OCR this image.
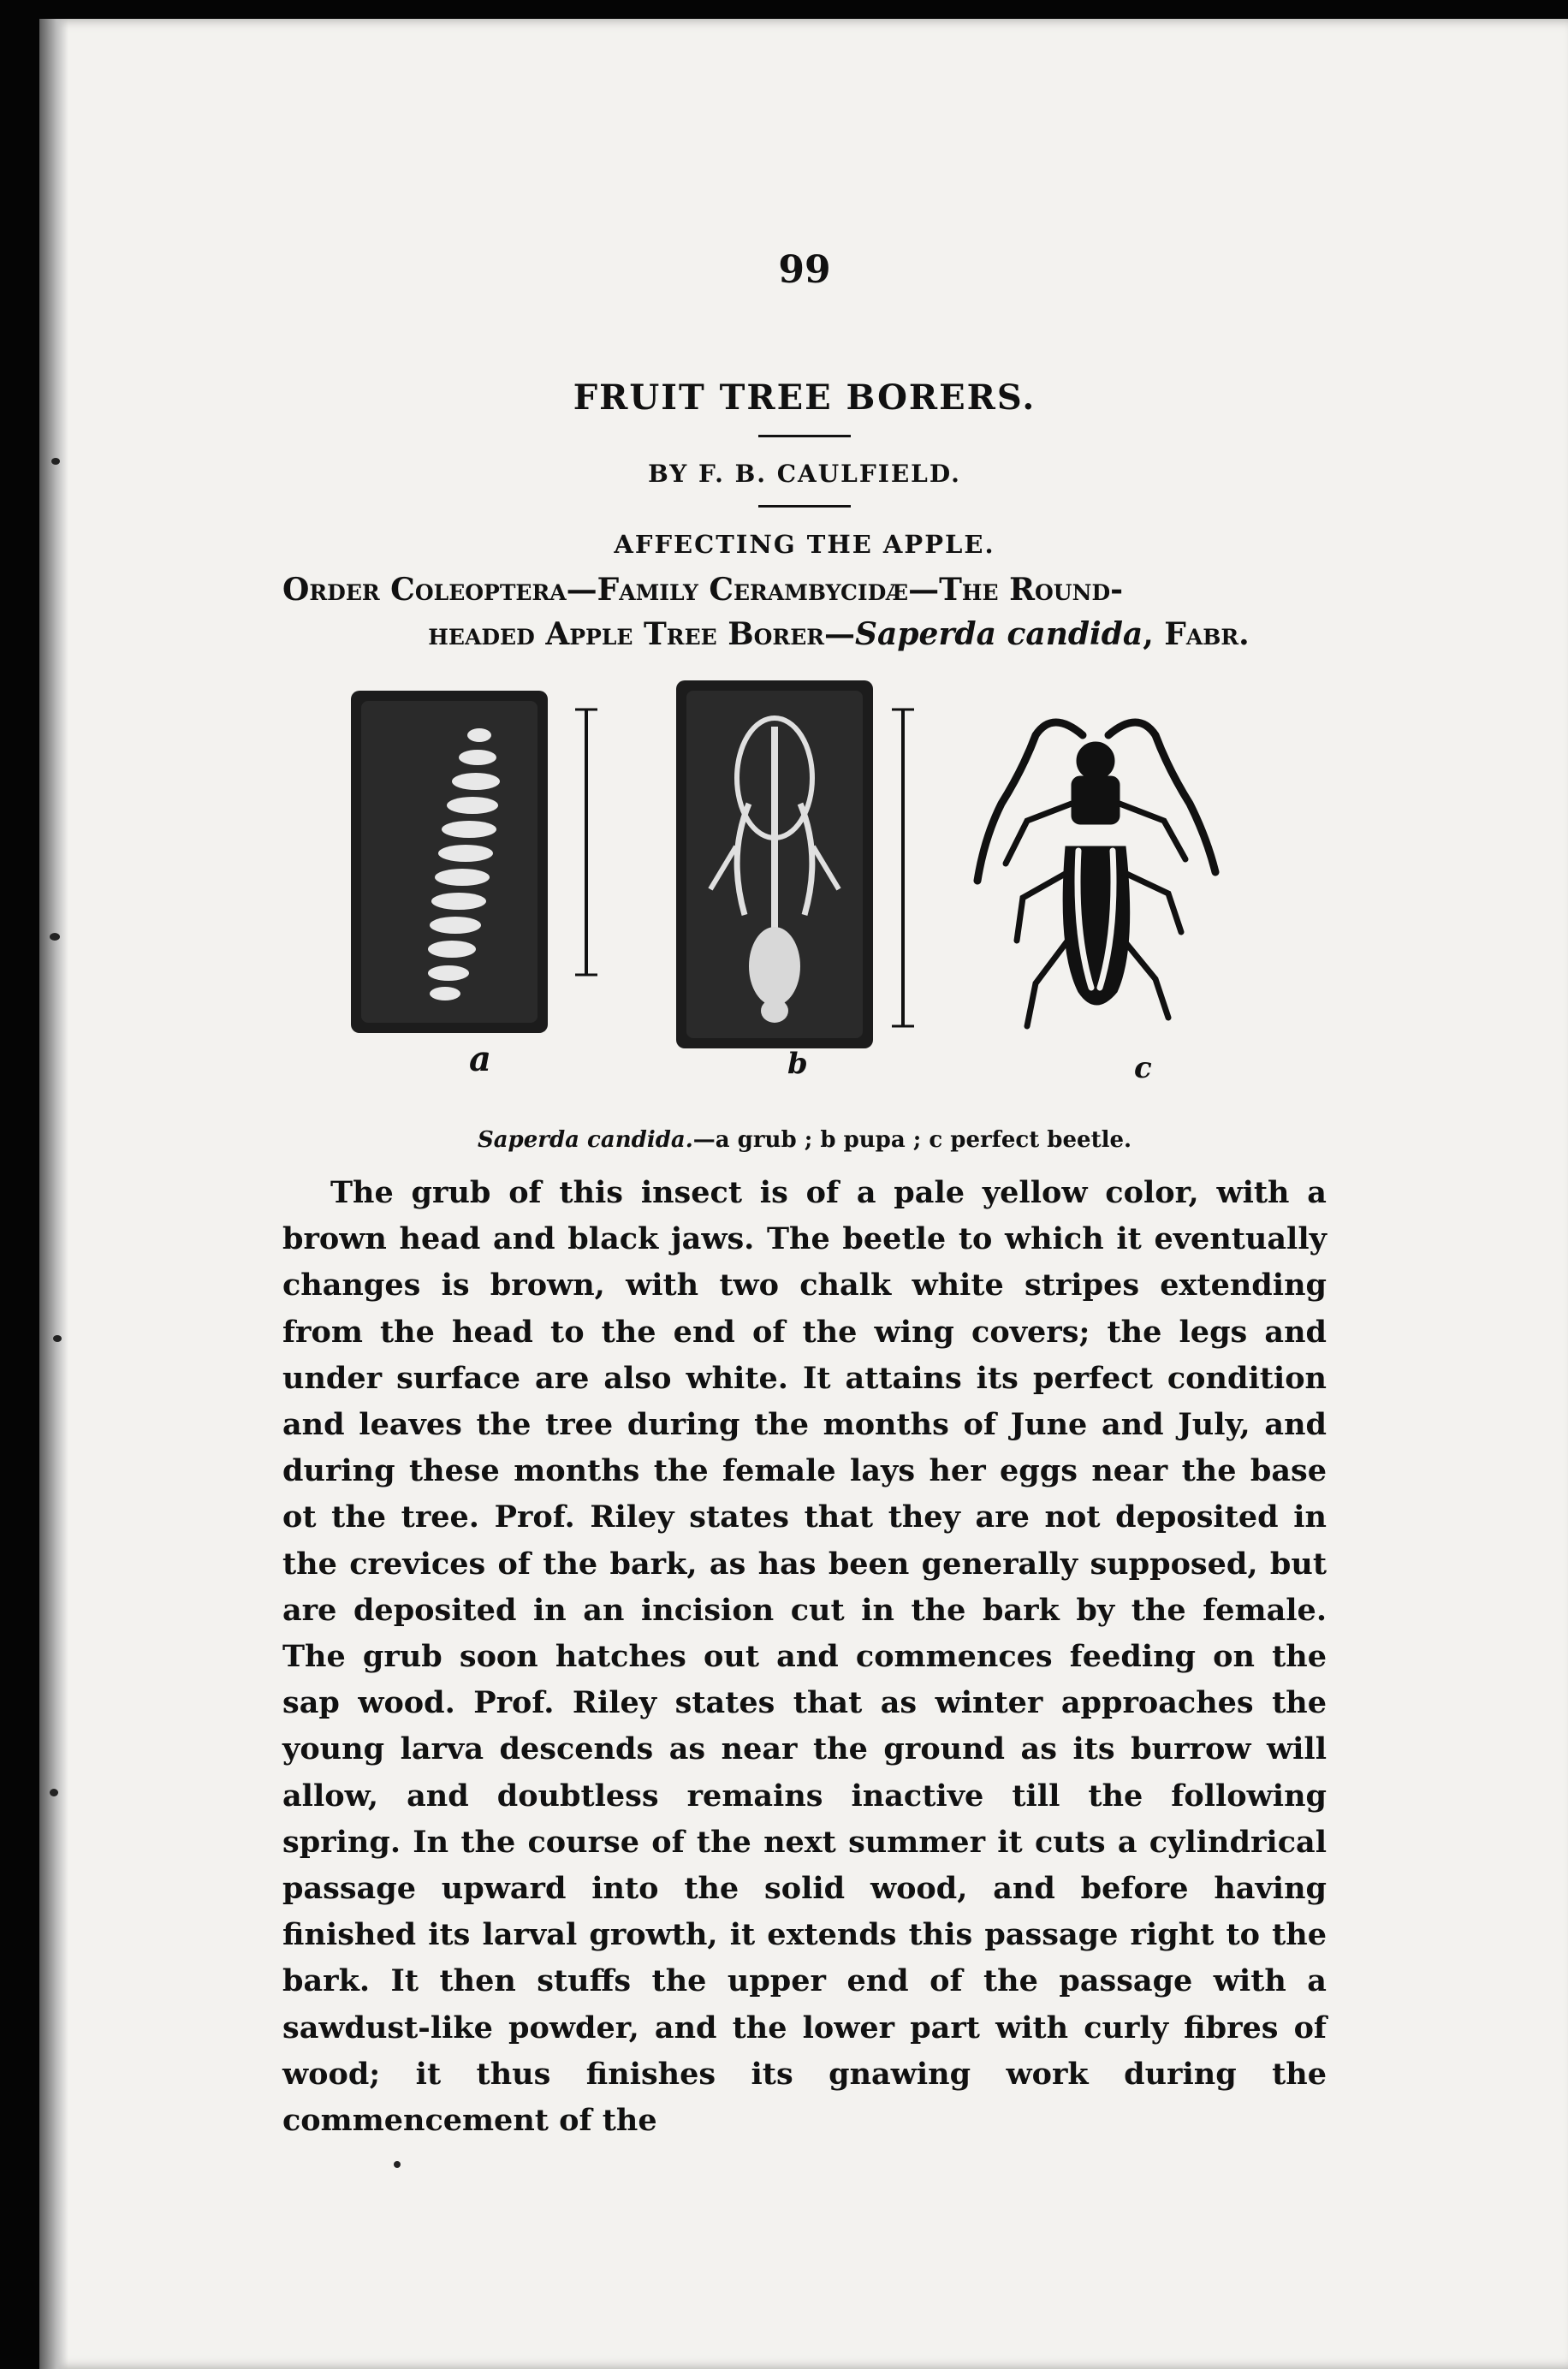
99
FRUIT TREE BORERS.
BY F. B. CAULFIELD.
AFFECTING THE APPLE.

Order Coleoptera—Family Cerambycidæ—The Round-

headed Apple Tree Borer—Saperda candida, Fabr.

a	b	c
Saperda candida.—a grub ; b pupa ; c perfect beetle.

The grub of this insect is of a pale yellow color, with a brown head and black jaws. The beetle to which it eventually changes is brown, with two chalk white stripes extending from the head to the end of the wing covers; the legs and under surface are also white. It attains its perfect condition and leaves the tree during the months of June and July, and during these months the female lays her eggs near the base ot the tree. Prof. Riley states that they are not deposited in the crevices of the bark, as has been generally supposed, but are deposited in an incision cut in the bark by the female. The grub soon hatches out and commences feeding on the sap wood. Prof. Riley states that as winter approaches the young larva descends as near the ground as its burrow will allow, and doubtless remains inactive till the following spring. In the course of the next summer it cuts a cylindrical passage upward into the solid wood, and before having finished its larval growth, it extends this passage right to the bark. It then stuffs the upper end of the passage with a sawdust-like powder, and the lower part with curly fibres of wood; it thus finishes its gnawing work during the commencement of the
